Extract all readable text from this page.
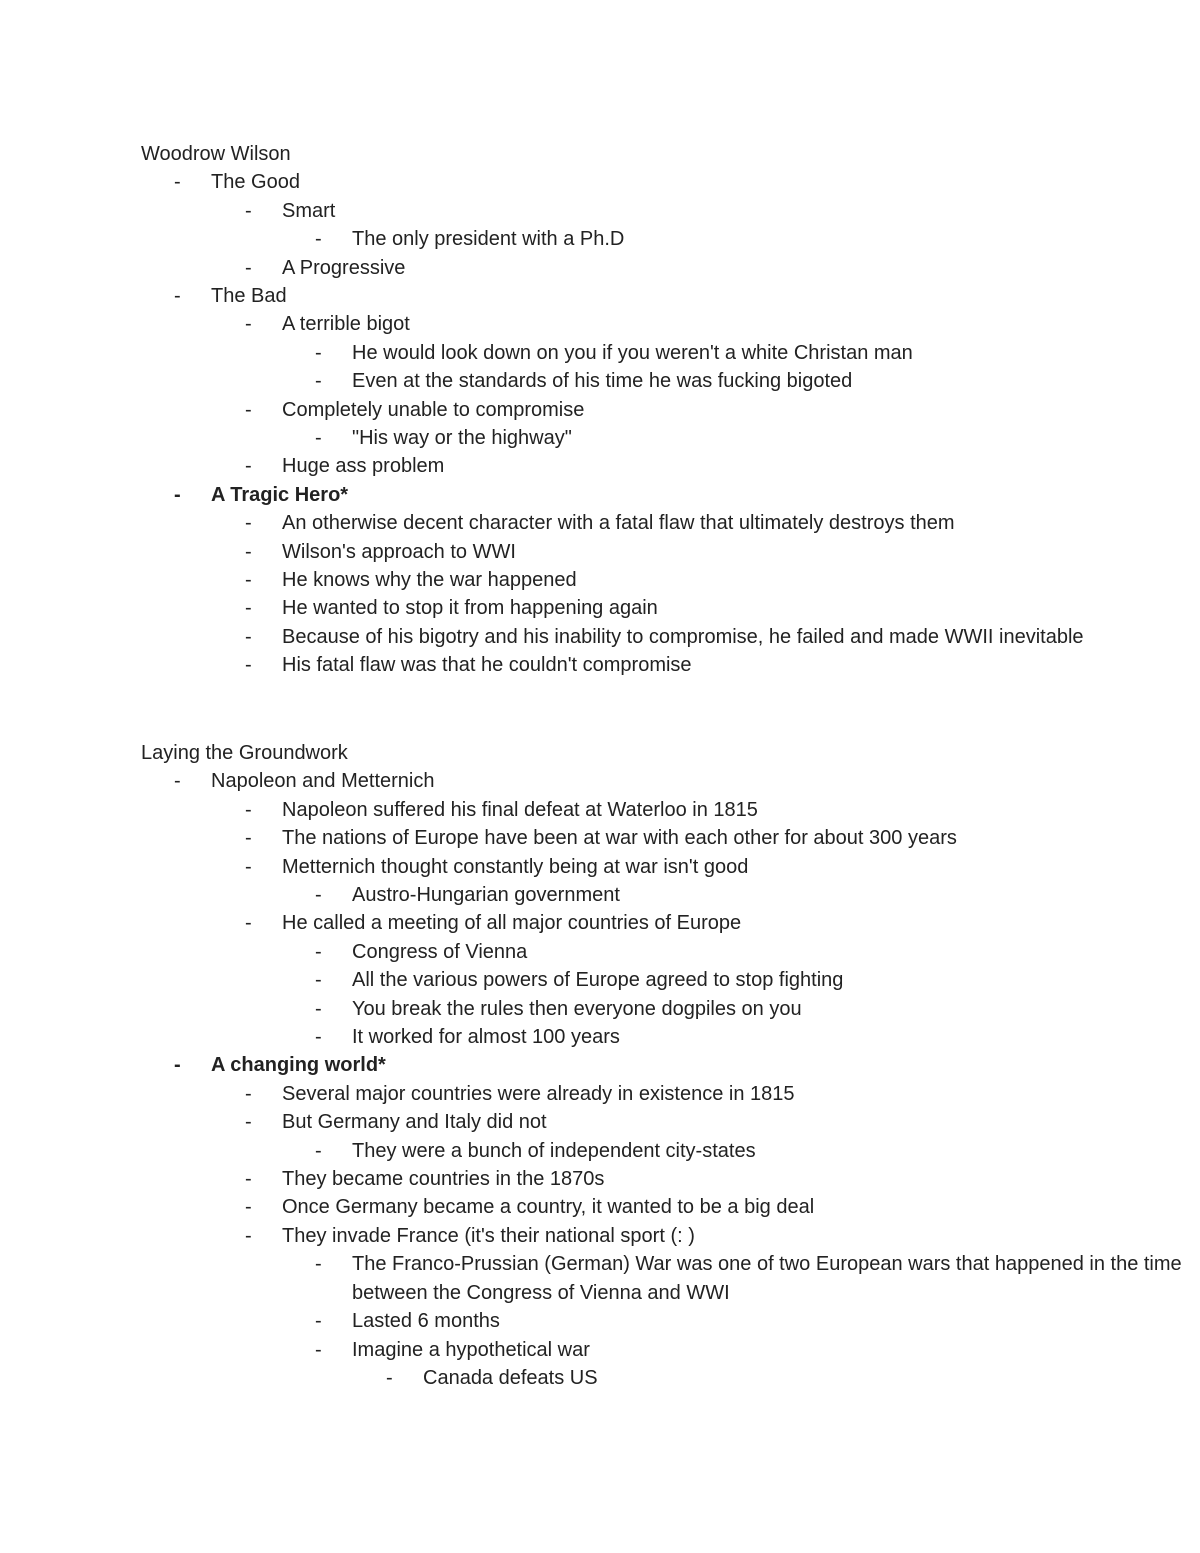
Woodrow Wilson
- The Good
- Smart
- The only president with a Ph.D
- A Progressive
- The Bad
- A terrible bigot
- He would look down on you if you weren't a white Christan man
- Even at the standards of his time he was fucking bigoted
- Completely unable to compromise
- "His way or the highway"
- Huge ass problem
- A Tragic Hero*
- An otherwise decent character with a fatal flaw that ultimately destroys them
- Wilson's approach to WWI
- He knows why the war happened
- He wanted to stop it from happening again
- Because of his bigotry and his inability to compromise, he failed and made WWII inevitable
- His fatal flaw was that he couldn't compromise
Laying the Groundwork
- Napoleon and Metternich
- Napoleon suffered his final defeat at Waterloo in 1815
- The nations of Europe have been at war with each other for about 300 years
- Metternich thought constantly being at war isn't good
- Austro-Hungarian government
- He called a meeting of all major countries of Europe
- Congress of Vienna
- All the various powers of Europe agreed to stop fighting
- You break the rules then everyone dogpiles on you
- It worked for almost 100 years
- A changing world*
- Several major countries were already in existence in 1815
- But Germany and Italy did not
- They were a bunch of independent city-states
- They became countries in the 1870s
- Once Germany became a country, it wanted to be a big deal
- They invade France (it's their national sport (: )
- The Franco-Prussian (German) War was one of two European wars that happened in the time between the Congress of Vienna and WWI
- Lasted 6 months
- Imagine a hypothetical war
- Canada defeats US
